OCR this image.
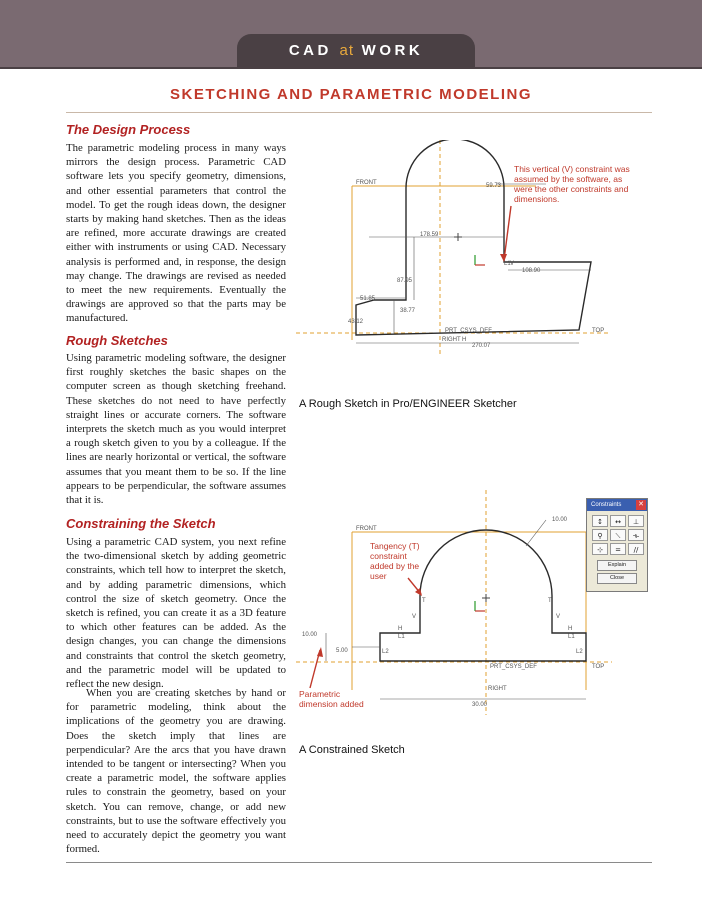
CAD at WORK
SKETCHING AND PARAMETRIC MODELING
The Design Process

The parametric modeling process in many ways mirrors the design process. Parametric CAD software lets you specify geometry, dimensions, and other essential parameters that control the model. To get the rough ideas down, the designer starts by making hand sketches. Then as the ideas are refined, more accurate drawings are created either with instruments or using CAD. Necessary analysis is performed and, in response, the design may change. The drawings are revised as needed to meet the new requirements. Eventually the drawings are approved so that the parts may be manufactured.

Rough Sketches

Using parametric modeling software, the designer first roughly sketches the basic shapes on the computer screen as though sketching freehand. These sketches do not need to have perfectly straight lines or accurate corners. The software interprets the sketch much as you would interpret a rough sketch given to you by a colleague. If the lines are nearly horizontal or vertical, the software assumes that you meant them to be so. If the line appears to be perpendicular, the software assumes that it is.

Constraining the Sketch

Using a parametric CAD system, you next refine the two-dimensional sketch by adding geometric constraints, which tell how to interpret the sketch, and by adding parametric dimensions, which control the size of sketch geometry. Once the sketch is refined, you can create it as a 3D feature to which other features can be added. As the design changes, you can change the dimensions and constraints that control the sketch geometry, and the parametric model will be updated to reflect the new design.

When you are creating sketches by hand or for parametric modeling, think about the implications of the geometry you are drawing. Does the sketch imply that lines are perpendicular? Are the arcs that you have drawn intended to be tangent or intersecting? When you create a parametric model, the software applies rules to constrain the geometry, based on your sketch. You can remove, change, or add new constraints, but to use the software effectively you need to accurately depict the geometry you want formed.

FRONT
TOP
RIGHT
PRT_CSYS_DEF
59.73
178.59
108.90
87.95
51.85
38.77
43.12
270.07
L1 V
H
This vertical (V) constraint was assumed by the software, as were the other constraints and dimensions.
A Rough Sketch in Pro/ENGINEER Sketcher
FRONT
TOP
RIGHT
PRT_CSYS_DEF
10.00
10.00
5.00
30.00
T	T
V	V
H	H
L2	L2
L1	L1
Constraints ✕
↕	↔	⊥
⚲	⟍	⟛
⊹	=	//
Explain
Close
Tangency (T) constraint added by the user
Parametric dimension added
A Constrained Sketch
